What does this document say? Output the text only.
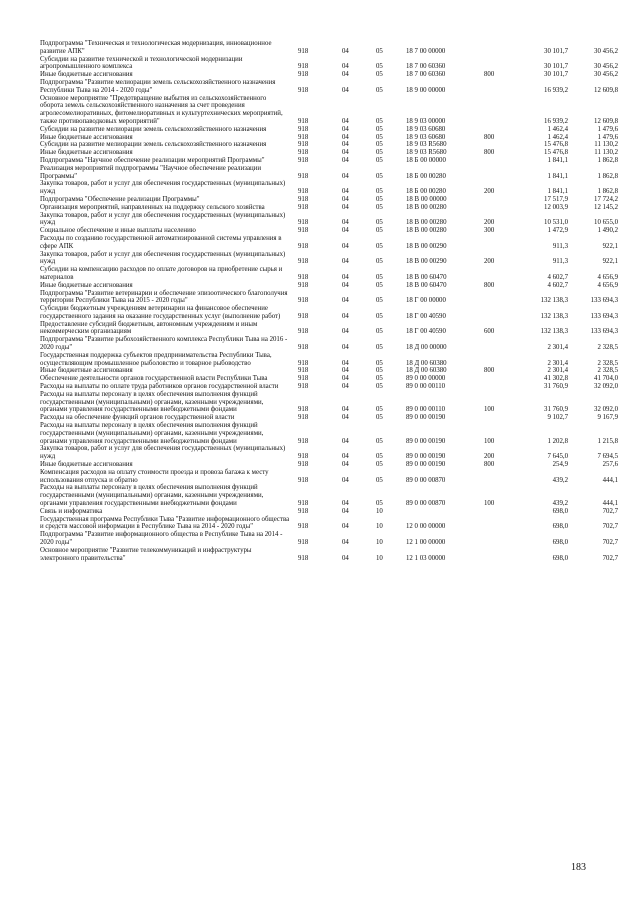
Подпрограмма "Техническая и технологическая модернизация, инновационное развитие АПК"	918	04	05	18 7 00 00000		30 101,7	30 456,2
Субсидии на развитие технической и технологической модернизации агропромышленного комплекса	918	04	05	18 7 00 60360		30 101,7	30 456,2
Иные бюджетные ассигнования	918	04	05	18 7 00 60360	800	30 101,7	30 456,2
Подпрограмма "Развитие мелиорации земель сельскохозяйственного назначения Республики Тыва на 2014 - 2020 годы"	918	04	05	18 9 00 00000		16 939,2	12 609,8
Основное мероприятие "Предотвращение выбытия из сельскохозяйственного оборота земель сельскохозяйственного назначения за счет проведения агролесомелиоративных, фитомелиоративных и культуртехнических мероприятий, также противопаводковых мероприятий"	918	04	05	18 9 03 00000		16 939,2	12 609,8
Субсидии на развитие мелиорации земель сельскохозяйственного назначения	918	04	05	18 9 03 60680		1 462,4	1 479,6
Иные бюджетные ассигнования	918	04	05	18 9 03 60680	800	1 462,4	1 479,6
Субсидии на развитие мелиорации земель сельскохозяйственного назначения	918	04	05	18 9 03 R5680		15 476,8	11 130,2
Иные бюджетные ассигнования	918	04	05	18 9 03 R5680	800	15 476,8	11 130,2
Подпрограмма "Научное обеспечение реализации мероприятий Программы"	918	04	05	18 Б 00 00000		1 841,1	1 862,8
Реализация мероприятий подпрограммы "Научное обеспечение реализации Программы"	918	04	05	18 Б 00 00280		1 841,1	1 862,8
Закупка товаров, работ и услуг для обеспечения государственных (муниципальных) нужд	918	04	05	18 Б 00 00280	200	1 841,1	1 862,8
Подпрограмма "Обеспечение реализации Программы"	918	04	05	18 В 00 00000		17 517,9	17 724,2
Организация мероприятий, направленных на поддержку сельского хозяйства	918	04	05	18 В 00 00280		12 003,9	12 145,2
Закупка товаров, работ и услуг для обеспечения государственных (муниципальных) нужд	918	04	05	18 В 00 00280	200	10 531,0	10 655,0
Социальное обеспечение и иные выплаты населению	918	04	05	18 В 00 00280	300	1 472,9	1 490,2
Расходы по созданию государственной автоматизированной системы управления в сфере АПК	918	04	05	18 В 00 00290		911,3	922,1
Закупка товаров, работ и услуг для обеспечения государственных (муниципальных) нужд	918	04	05	18 В 00 00290	200	911,3	922,1
Субсидии на компенсацию расходов по оплате договоров на приобретение сырья и материалов	918	04	05	18 В 00 60470		4 602,7	4 656,9
Иные бюджетные ассигнования	918	04	05	18 В 00 60470	800	4 602,7	4 656,9
Подпрограмма "Развитие ветеринарии и обеспечение эпизоотического благополучия территории Республики Тыва на 2015 - 2020 годы"	918	04	05	18 Г 00 00000		132 138,3	133 694,3
Субсидии бюджетным учреждениям ветеринарии на финансовое обеспечение государственного задания на оказание государственных услуг (выполнение работ)	918	04	05	18 Г 00 40590		132 138,3	133 694,3
Предоставление субсидий бюджетным, автономным учреждениям и иным некоммерческим организациям	918	04	05	18 Г 00 40590	600	132 138,3	133 694,3
Подпрограмма "Развитие рыбохозяйственного комплекса Республики Тыва на 2016 - 2020 годы"	918	04	05	18 Д 00 00000		2 301,4	2 328,5
Государственная поддержка субъектов предпринимательства Республики Тыва, осуществляющим промышленное рыболовство и товарное рыбоводство	918	04	05	18 Д 00 60380		2 301,4	2 328,5
Иные бюджетные ассигнования	918	04	05	18 Д 00 60380	800	2 301,4	2 328,5
Обеспечение деятельности органов государственной власти Республики Тыва	918	04	05	89 0 00 00000		41 302,8	41 704,0
Расходы на выплаты по оплате труда работников органов государственной власти	918	04	05	89 0 00 00110		31 760,9	32 092,0
Расходы на выплаты персоналу в целях обеспечения выполнения функций государственными (муниципальными) органами, казенными учреждениями, органами управления государственными внебюджетными фондами	918	04	05	89 0 00 00110	100	31 760,9	32 092,0
Расходы на обеспечение функций органов государственной власти	918	04	05	89 0 00 00190		9 102,7	9 167,9
Расходы на выплаты персоналу в целях обеспечения выполнения функций государственными (муниципальными) органами, казенными учреждениями, органами управления государственными внебюджетными фондами	918	04	05	89 0 00 00190	100	1 202,8	1 215,8
Закупка товаров, работ и услуг для обеспечения государственных (муниципальных) нужд	918	04	05	89 0 00 00190	200	7 645,0	7 694,5
Иные бюджетные ассигнования	918	04	05	89 0 00 00190	800	254,9	257,6
Компенсация расходов на оплату стоимости проезда и провоза багажа к месту использования отпуска и обратно	918	04	05	89 0 00 00870		439,2	444,1
Расходы на выплаты персоналу в целях обеспечения выполнения функций государственными (муниципальными) органами, казенными учреждениями, органами управления государственными внебюджетными фондами	918	04	05	89 0 00 00870	100	439,2	444,1
Связь и информатика	918	04	10			698,0	702,7
Государственная программа Республики Тыва "Развитие информационного общества и средств массовой информации в Республике Тыва на 2014 - 2020 годы"	918	04	10	12 0 00 00000		698,0	702,7
Подпрограмма "Развитие информационного общества в Республике Тыва на 2014 - 2020 годы"	918	04	10	12 1 00 00000		698,0	702,7
Основное мероприятие "Развитие телекоммуникаций и инфраструктуры электронного правительства"	918	04	10	12 1 03 00000		698,0	702,7
183
